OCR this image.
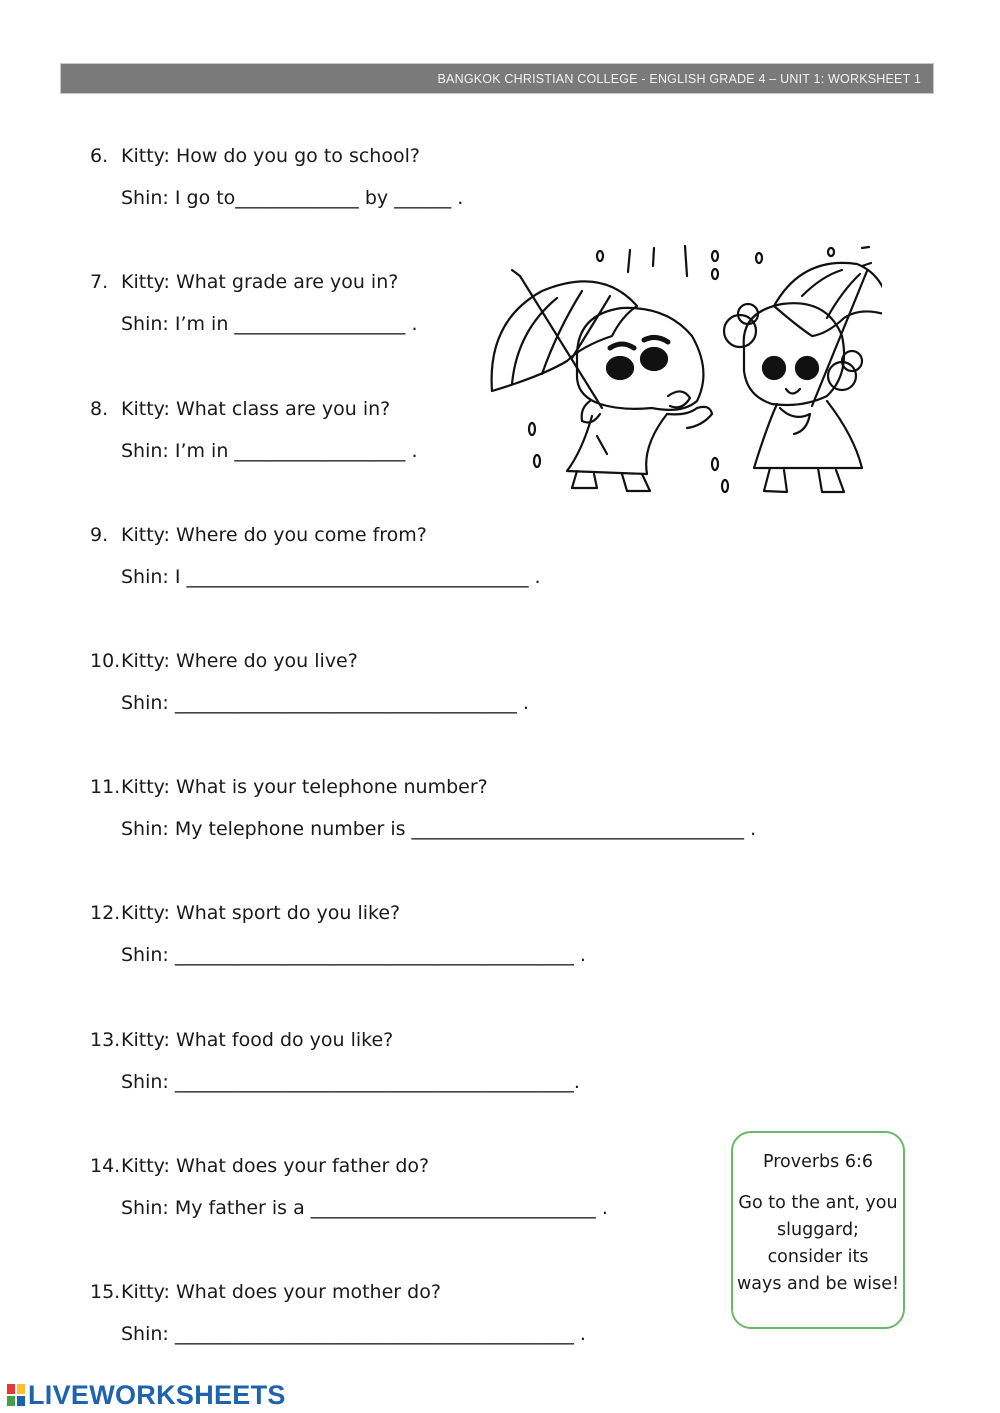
BANGKOK CHRISTIAN COLLEGE - ENGLISH GRADE 4 – UNIT 1: WORKSHEET 1
6. Kitty: How do you go to school?
Shin: I go to_____________ by ______ .
7. Kitty: What grade are you in?
Shin: I’m in __________________ .
8. Kitty: What class are you in?
Shin: I’m in __________________ .
9. Kitty: Where do you come from?
Shin: I ____________________________________ .
10.Kitty: Where do you live?
Shin: ____________________________________ .
11.Kitty: What is your telephone number?
Shin: My telephone number is ___________________________________ .
12.Kitty: What sport do you like?
Shin: __________________________________________ .
13.Kitty: What food do you like?
Shin: __________________________________________.
14.Kitty: What does your father do?
Shin: My father is a ______________________________ .
15.Kitty: What does your mother do?
Shin: __________________________________________ .
Proverbs 6:6
Go to the ant, you
sluggard;
consider its
ways and be wise!
LIVEWORKSHEETS
